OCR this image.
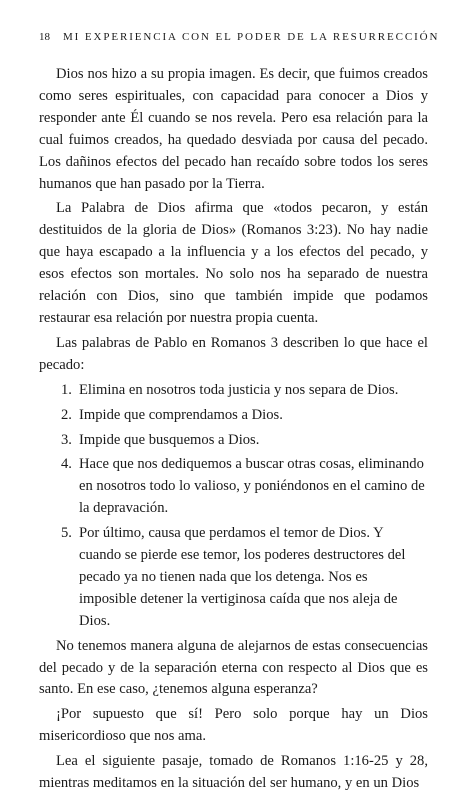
18 MI EXPERIENCIA CON EL PODER DE LA RESURRECCIÓN

Dios nos hizo a su propia imagen. Es decir, que fuimos creados como seres espirituales, con capacidad para conocer a Dios y responder ante Él cuando se nos revela. Pero esa relación para la cual fuimos creados, ha quedado desviada por causa del pecado. Los dañinos efectos del pecado han recaído sobre todos los seres humanos que han pasado por la Tierra.

La Palabra de Dios afirma que «todos pecaron, y están destituidos de la gloria de Dios» (Romanos 3:23). No hay nadie que haya escapado a la influencia y a los efectos del pecado, y esos efectos son mortales. No solo nos ha separado de nuestra relación con Dios, sino que también impide que podamos restaurar esa relación por nuestra propia cuenta.

Las palabras de Pablo en Romanos 3 describen lo que hace el pecado:

1. Elimina en nosotros toda justicia y nos separa de Dios.
2. Impide que comprendamos a Dios.
3. Impide que busquemos a Dios.
4. Hace que nos dediquemos a buscar otras cosas, eliminando en nosotros todo lo valioso, y poniéndonos en el camino de la depravación.
5. Por último, causa que perdamos el temor de Dios. Y cuando se pierde ese temor, los poderes destructores del pecado ya no tienen nada que los detenga. Nos es imposible detener la vertiginosa caída que nos aleja de Dios.

No tenemos manera alguna de alejarnos de estas consecuencias del pecado y de la separación eterna con respecto al Dios que es santo. En ese caso, ¿tenemos alguna esperanza?

¡Por supuesto que sí! Pero solo porque hay un Dios misericordioso que nos ama.

Lea el siguiente pasaje, tomado de Romanos 1:16-25 y 28, mientras meditamos en la situación del ser humano, y en un Dios
